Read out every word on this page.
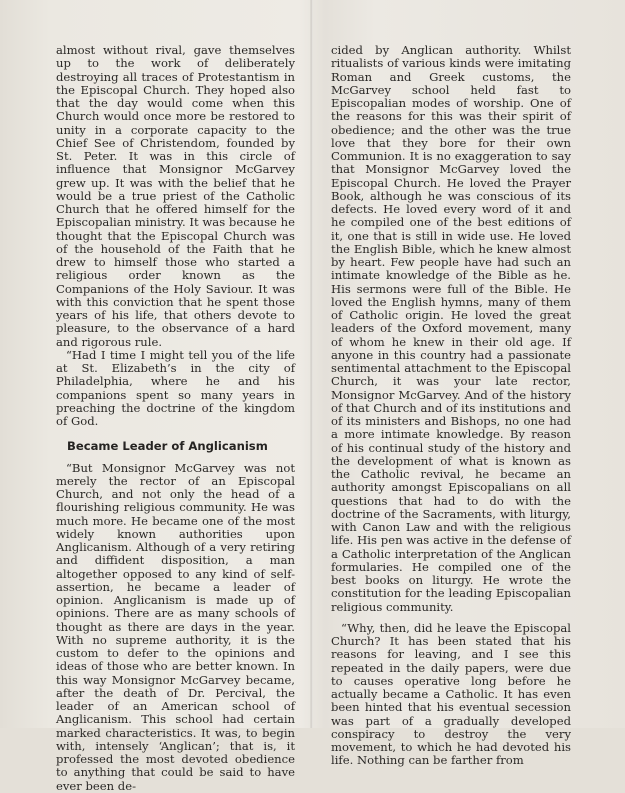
almost without rival, gave themselves up to the work of deliberately destroying all traces of Protestantism in the Episcopal Church. They hoped also that the day would come when this Church would once more be restored to unity in a corporate capacity to the Chief See of Christendom, founded by St. Peter. It was in this circle of influence that Monsignor McGarvey grew up. It was with the belief that he would be a true priest of the Catholic Church that he offered himself for the Episcopalian ministry. It was because he thought that the Episcopal Church was of the household of the Faith that he drew to himself those who started a religious order known as the Companions of the Holy Saviour. It was with this conviction that he spent those years of his life, that others devote to pleasure, to the observance of a hard and rigorous rule.

“Had I time I might tell you of the life at St. Elizabeth’s in the city of Philadelphia, where he and his companions spent so many years in preaching the doctrine of the kingdom of God.

Became Leader of Anglicanism

“But Monsignor McGarvey was not merely the rector of an Episcopal Church, and not only the head of a flourishing religious community. He was much more. He became one of the most widely known authorities upon Anglicanism. Although of a very retiring and diffident disposition, a man altogether opposed to any kind of self-assertion, he became a leader of opinion. Anglicanism is made up of opinions. There are as many schools of thought as there are days in the year. With no supreme authority, it is the custom to defer to the opinions and ideas of those who are better known. In this way Monsignor McGarvey became, after the death of Dr. Percival, the leader of an American school of Anglicanism. This school had certain marked characteristics. It was, to begin with, intensely ‘Anglican’; that is, it professed the most devoted obedience to anything that could be said to have ever been de-

cided by Anglican authority. Whilst ritualists of various kinds were imitating Roman and Greek customs, the McGarvey school held fast to Episcopalian modes of worship. One of the reasons for this was their spirit of obedience; and the other was the true love that they bore for their own Communion. It is no exaggeration to say that Monsignor McGarvey loved the Episcopal Church. He loved the Prayer Book, although he was conscious of its defects. He loved every word of it and he compiled one of the best editions of it, one that is still in wide use. He loved the English Bible, which he knew almost by heart. Few people have had such an intimate knowledge of the Bible as he. His sermons were full of the Bible. He loved the English hymns, many of them of Catholic origin. He loved the great leaders of the Oxford movement, many of whom he knew in their old age. If anyone in this country had a passionate sentimental attachment to the Episcopal Church, it was your late rector, Monsignor McGarvey. And of the history of that Church and of its institutions and of its ministers and Bishops, no one had a more intimate knowledge. By reason of his continual study of the history and the development of what is known as the Catholic revival, he became an authority amongst Episcopalians on all questions that had to do with the doctrine of the Sacraments, with liturgy, with Canon Law and with the religious life. His pen was active in the defense of a Catholic interpretation of the Anglican formularies. He compiled one of the best books on liturgy. He wrote the constitution for the leading Episcopalian religious community.

“Why, then, did he leave the Episcopal Church? It has been stated that his reasons for leaving, and I see this repeated in the daily papers, were due to causes operative long before he actually became a Catholic. It has even been hinted that his eventual secession was part of a gradually developed conspiracy to destroy the very movement, to which he had devoted his life. Nothing can be farther from
